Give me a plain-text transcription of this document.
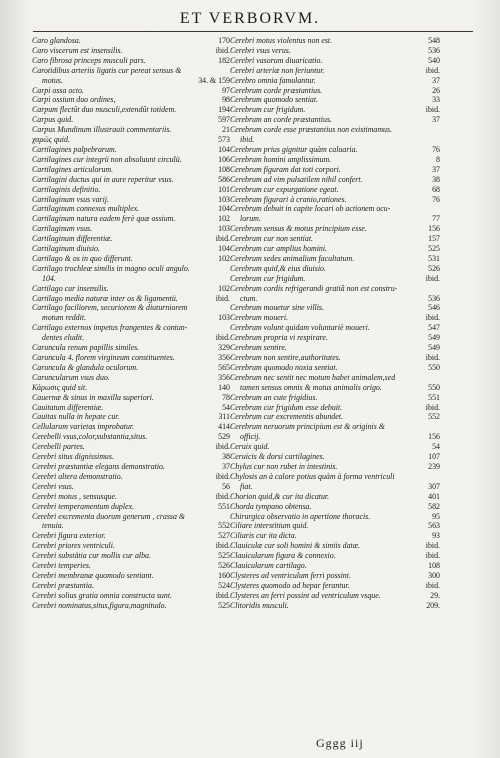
ET VERBORVM.
Caro glandosa.	170
Caro viscerum est insensilis.	ibid.
Caro fibrosa princeps musculi pars.	182
Carotidibus arteriis ligatis cur pereat sensus &
motus.	34. & 159
Carpi ossa octo.	97
Carpi ossium duo ordines,	98
Carpum flectût duo musculi,extendût totidem.	194
Carpus quid.	597
Carpus Mundinum illustrauit commentariis.	21
χαρώς quid.	573
Cartilagines palpebrarum.	104
Cartilagines cur integrü non absoluunt circulü.	106
Cartilagines articulorum.	108
Cartilagini ductus qui in aure reperitur vsus.	586
Cartilaginis definitio.	101
Cartilaginum vsus varij.	103
Cartilaginum connexus multiplex.	104
Cartilaginum natura eadem ferè quæ ossium.	102
Cartilaginum vsus.	103
Cartilaginum differentiæ.	ibid.
Cartilaginum diuisio.	104
Cartilago & os in quo differunt.	102
Cartilago trochleæ similis in magno oculi angulo.
104.
Cartilago cur insensilis.	102
Cartilago media naturæ inter os & ligamentü.	ibid.
Cartilago faciliorem, securiorem & diuturniorem
motum reddit.	103
Cartilago externos impetus frangentes & contun-
dentes eludit.	ibid.
Caruncula renum papillis similes.	329
Caruncula 4. florem virgineum constituentes.	356
Caruncula & glandula oculorum.	565
Caruncularum vsus duo.	356
Κάρωσις quid sit.	140
Cauernæ & sinus in maxilla superiori.	78
Cauitatum differentiæ.	54
Cauitas nulla in hepate cur.	311
Cellularum varietas improbatur.	414
Cerebelli vsus,color,substantia,situs.	529
Cerebelli partes.	ibid.
Cerebri situs dignissimus.	38
Cerebri præstantiæ elegans demonstratio.	37
Cerebri altera demonstratio.	ibid.
Cerebri vsus.	56
Cerebri motus , sensusque.	ibid.
Cerebri temperamentum duplex.	551
Cerebri excrementa duorum generum , crassa &
tenuia.	552
Cerebri figura exterior.	527
Cerebri priores ventriculi.	ibid.
Cerebri substätia cur mollis cur alba.	525
Cerebri temperies.	526
Cerebri membranæ quomodo sentiant.	160
Cerebri præstantia.	524
Cerebri solius gratia omnia constructa sunt.	ibid.
Cerebri nominatus,situs,figura,magnitudo.	525
Cerebri motus violentus non est.	548
Cerebri vsus verus.	536
Cerebri vasorum diuaricatio.	540
Cerebri arteriæ non feriuntur.	ibid.
Cerebro omnia famulantur.	37
Cerebrum corde præstantius.	26
Cerebrum quomodo sentiat.	33
Cerebrum cur frigidum.	ibid.
Cerebrum an corde præstantius.	37
Cerebrum corde esse præstantius non existimamus.
ibid.
Cerebrum prius gignitur quàm caluaria.	76
Cerebrum homini amplissimum.	8
Cerebrum figuram dat toti corpori.	37
Cerebrum ad vim pulsatilem nihil confert.	38
Cerebrum cur expurgatione egeat.	68
Cerebrum figurari à cranio,rationes.	76
Cerebrum debuit in capite locari ob actionem ocu-
lorum.	77
Cerebrum sensus & motus principium esse.	156
Cerebrum cur non sentiat.	157
Cerebrum cur amplius homini.	525
Cerebrum sedes animalium facultatum.	531
Cerebrum quid,& eius diuisio.	526
Cerebrum cur frigidum.	ibid.
Cerebrum cordis refrigerandi gratiâ non est constru-
ctum.	536
Cerebrum mouetur sine villis.	546
Cerebrum moueri.	ibid.
Cerebrum volunt quidam voluntariè moueri.	547
Cerebrum propria vi respirare.	549
Cerebrum sentire.	549
Cerebrum non sentire,authoritates.	ibid.
Cerebrum quomodo noxia sentiat.	550
Cerebrum nec sentit nec motum habet animalem,sed
tamen sensus omnis & motus animalis origo.	550
Cerebrum an cute frigidius.	551
Cerebrum cur frigidum esse debuit.	ibid.
Cerebrum cur excrementis abundet.	552
Cerebrum neruorum principium est & originis &
officij.	156
Ceruix quid.	54
Ceruicis & dorsi cartilagines.	107
Chylus cur non rubet in intestinis.	239
Chylosis an à calore potius quàm à forma ventriculi
fiat.	307
Chorion quid,& cur ita dicatur.	401
Chorda tympano obtensa.	582
Chirurgica observatio in apertione thoracis.	95
Ciliare interstitium quid.	563
Ciliaris cur ita dicta.	93
Clauiculæ cur soli homini & simiis datæ.	ibid.
Clauicularum figura & connexio.	ibid.
Clauicularum cartilago.	108
Clysteres ad ventriculum ferri possint.	300
Clysteres quomodo ad hepar ferantur.	ibid.
Clysteres an ferri possint ad ventriculum vsque.	29.
Clitoridis musculi.	209.
Gggg iij
